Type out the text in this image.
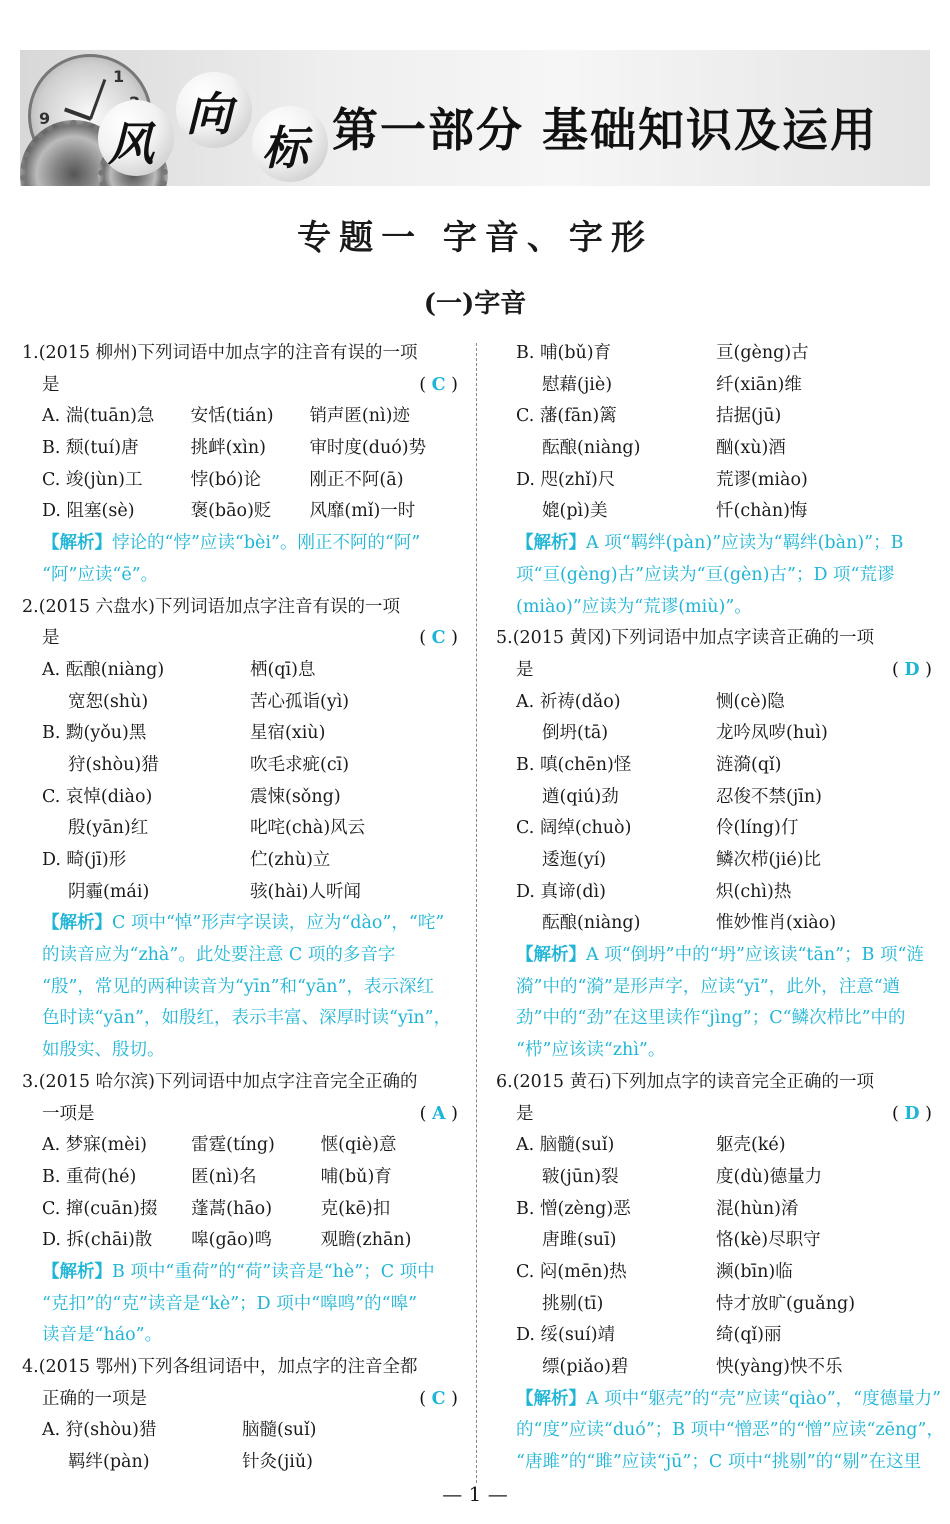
1
9 风
向
标 第一部分 基础知识及运用
专题一 字音、字形
(一)字音
1.(2015 柳州)下列词语中加点字的注音有误的一项
是	( C )
A. 湍(tuān)急	安恬(tián)	销声匿(nì)迹
B. 颓(tuí)唐	挑衅(xìn)	审时度(duó)势
C. 竣(jùn)工	悖(bó)论	刚正不阿(ā)
D. 阻塞(sè)	褒(bāo)贬	风靡(mǐ)一时
【解析】悖论的“悖”应读“bèi”。刚正不阿的“阿”
“阿”应读“ē”。
2.(2015 六盘水)下列词语加点字注音有误的一项
是	( C )
A. 酝酿(niàng)	栖(qī)息
宽恕(shù)	苦心孤诣(yì)
B. 黝(yǒu)黑	星宿(xiù)
狩(shòu)猎	吹毛求疵(cī)
C. 哀悼(diào)	震悚(sǒng)
殷(yān)红	叱咤(chà)风云
D. 畸(jī)形	伫(zhù)立
阴霾(mái)	骇(hài)人听闻
【解析】C 项中“悼”形声字误读，应为“dào”，“咤”
的读音应为“zhà”。此处要注意 C 项的多音字
“殷”，常见的两种读音为“yīn”和“yān”，表示深红
色时读“yān”，如殷红，表示丰富、深厚时读“yīn”，
如殷实、殷切。
3.(2015 哈尔滨)下列词语中加点字注音完全正确的
一项是	( A )
A. 梦寐(mèi)	雷霆(tíng)	惬(qiè)意
B. 重荷(hé)	匿(nì)名	哺(bǔ)育
C. 撺(cuān)掇	蓬蒿(hāo)	克(kē)扣
D. 拆(chāi)散	嗥(gāo)鸣	观瞻(zhān)
【解析】B 项中“重荷”的“荷”读音是“hè”；C 项中
“克扣”的“克”读音是“kè”；D 项中“嗥鸣”的“嗥”
读音是“háo”。
4.(2015 鄂州)下列各组词语中，加点字的注音全都
正确的一项是	( C )
A. 狩(shòu)猎	脑髓(suǐ)
羁绊(pàn)	针灸(jiǔ)
B. 哺(bǔ)育	亘(gèng)古
慰藉(jiè)	纤(xiān)维
C. 藩(fān)篱	拮据(jū)
酝酿(niàng)	酗(xù)酒
D. 咫(zhǐ)尺	荒谬(miào)
媲(pì)美	忏(chàn)悔
【解析】A 项“羁绊(pàn)”应读为“羁绊(bàn)”；B
项“亘(gèng)古”应读为“亘(gèn)古”；D 项“荒谬
(miào)”应读为“荒谬(miù)”。
5.(2015 黄冈)下列词语中加点字读音正确的一项
是	( D )
A. 祈祷(dǎo)	恻(cè)隐
倒坍(tā)	龙吟凤哕(huì)
B. 嗔(chēn)怪	涟漪(qǐ)
遒(qiú)劲	忍俊不禁(jīn)
C. 阔绰(chuò)	伶(líng)仃
逶迤(yí)	鳞次栉(jié)比
D. 真谛(dì)	炽(chì)热
酝酿(niàng)	惟妙惟肖(xiào)
【解析】A 项“倒坍”中的“坍”应该读“tān”；B 项“涟
漪”中的“漪”是形声字，应读“yī”，此外，注意“遒
劲”中的“劲”在这里读作“jìng”；C“鳞次栉比”中的
“栉”应该读“zhì”。
6.(2015 黄石)下列加点字的读音完全正确的一项
是	( D )
A. 脑髓(suǐ)	躯壳(ké)
皲(jūn)裂	度(dù)德量力
B. 憎(zèng)恶	混(hùn)淆
唐雎(suī)	恪(kè)尽职守
C. 闷(mēn)热	濒(bīn)临
挑剔(tī)	恃才放旷(guǎng)
D. 绥(suí)靖	绮(qǐ)丽
缥(piǎo)碧	怏(yàng)怏不乐
【解析】A 项中“躯壳”的“壳”应读“qiào”，“度德量力”
的“度”应读“duó”；B 项中“憎恶”的“憎”应读“zēng”，
“唐雎”的“雎”应读“jū”；C 项中“挑剔”的“剔”在这里
— 1 —
